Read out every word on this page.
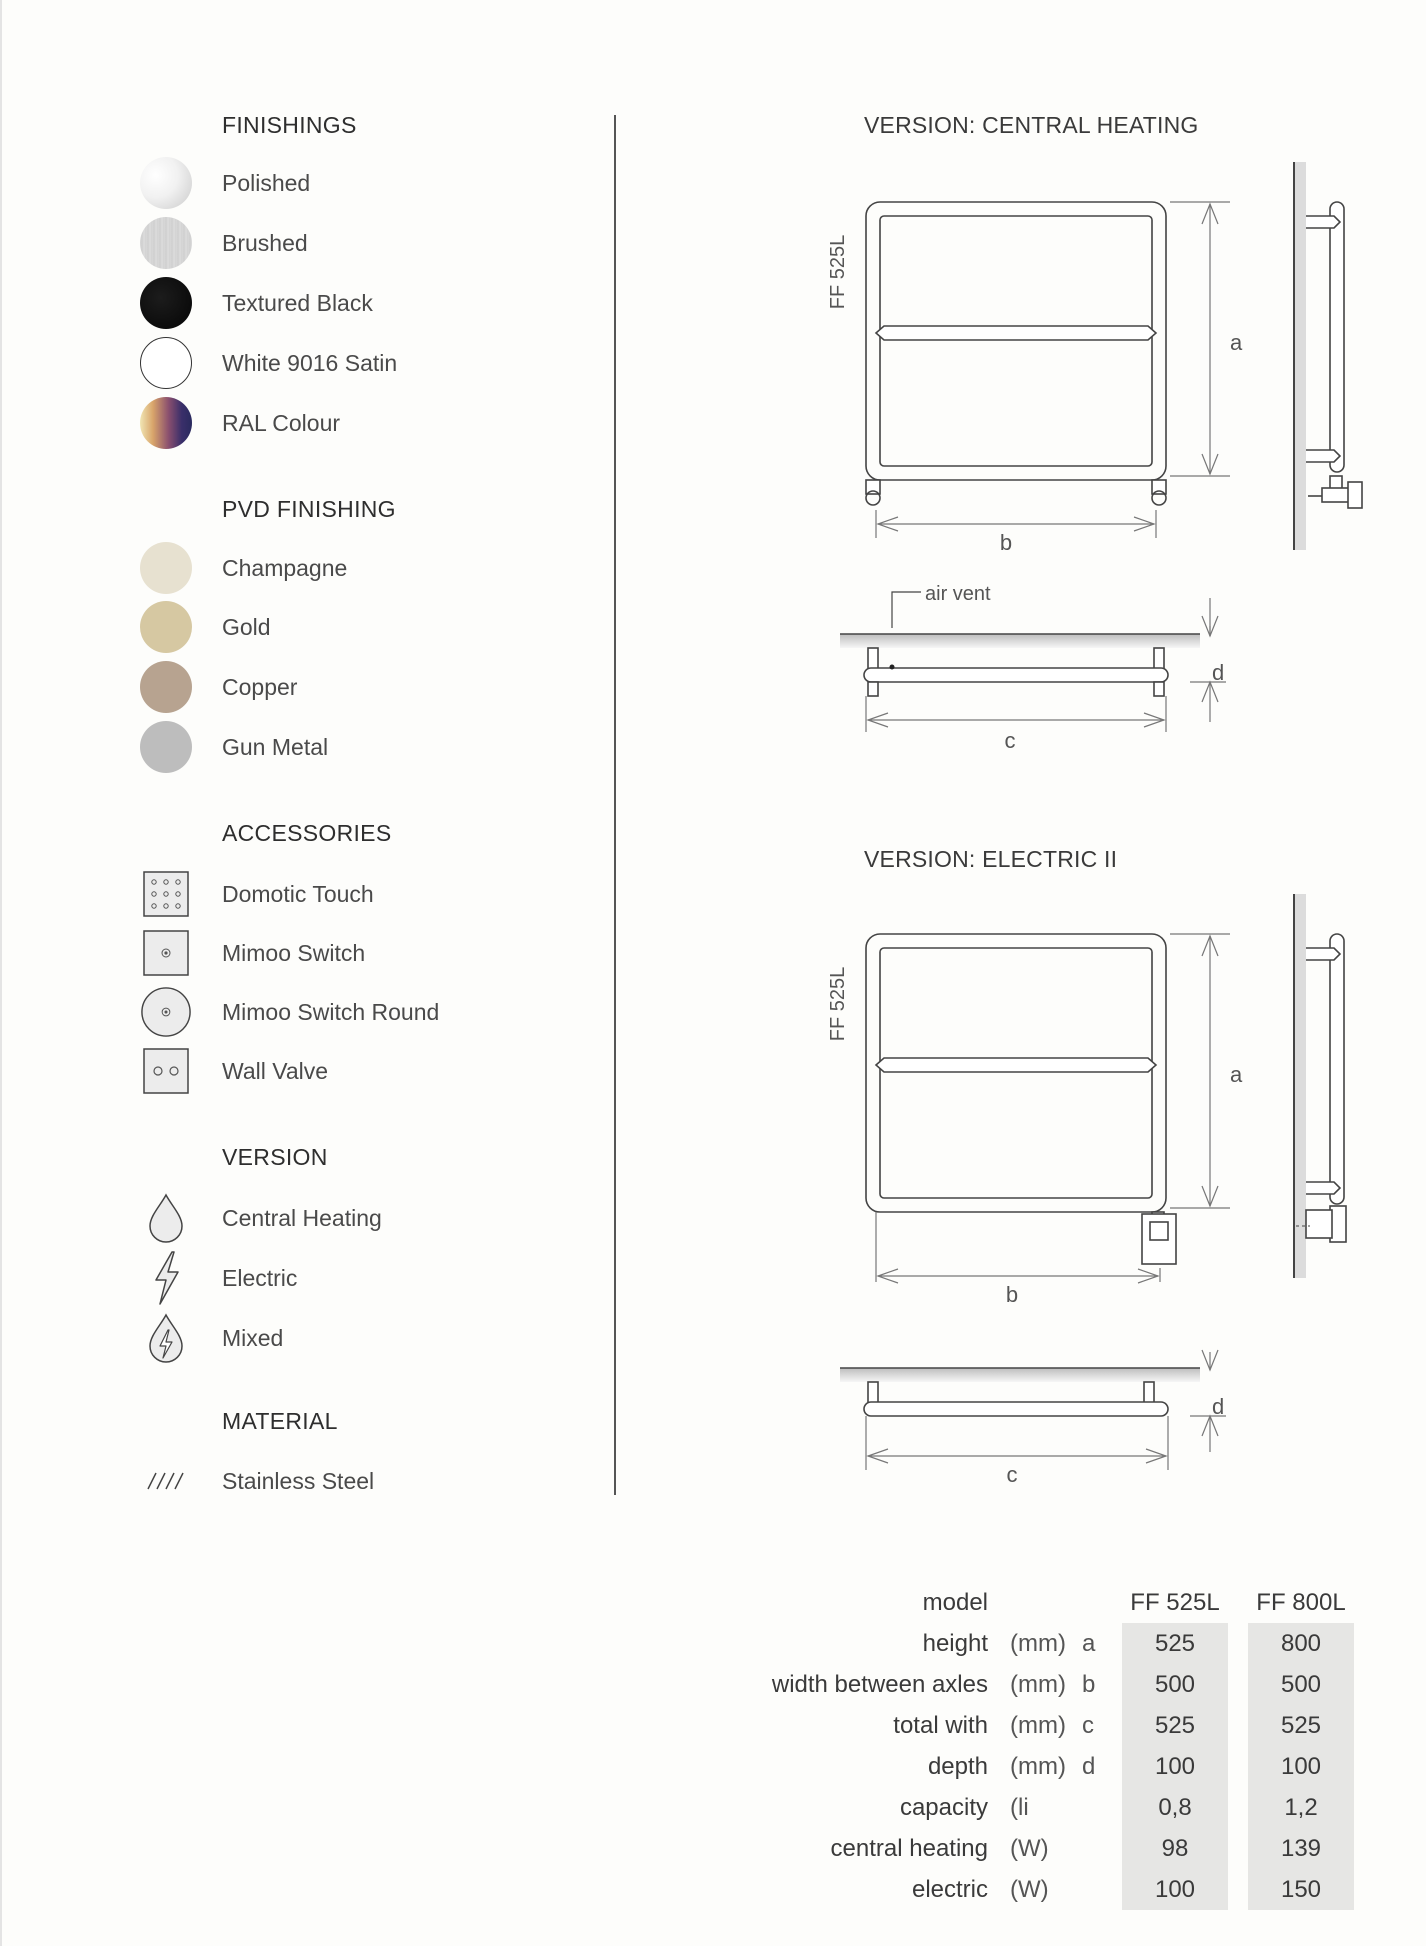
FINISHINGS
Polished
Brushed
Textured Black
White 9016 Satin
RAL Colour
PVD FINISHING
Champagne
Gold
Copper
Gun Metal
ACCESSORIES
Domotic Touch
Mimoo Switch
Mimoo Switch Round
Wall Valve
VERSION
Central Heating
Electric
Mixed
MATERIAL
Stainless Steel
VERSION: CENTRAL HEATING
FF 525L
a
b
air vent
d
c
VERSION: ELECTRIC II
FF 525L
a
b
d
c
model			FF 525L		FF 800L
height	(mm)	a	525		800
width between axles	(mm)	b	500		500
total with	(mm)	c	525		525
depth	(mm)	d	100		100
capacity	(li		0,8		1,2
central heating	(W)		98		139
electric	(W)		100		150
